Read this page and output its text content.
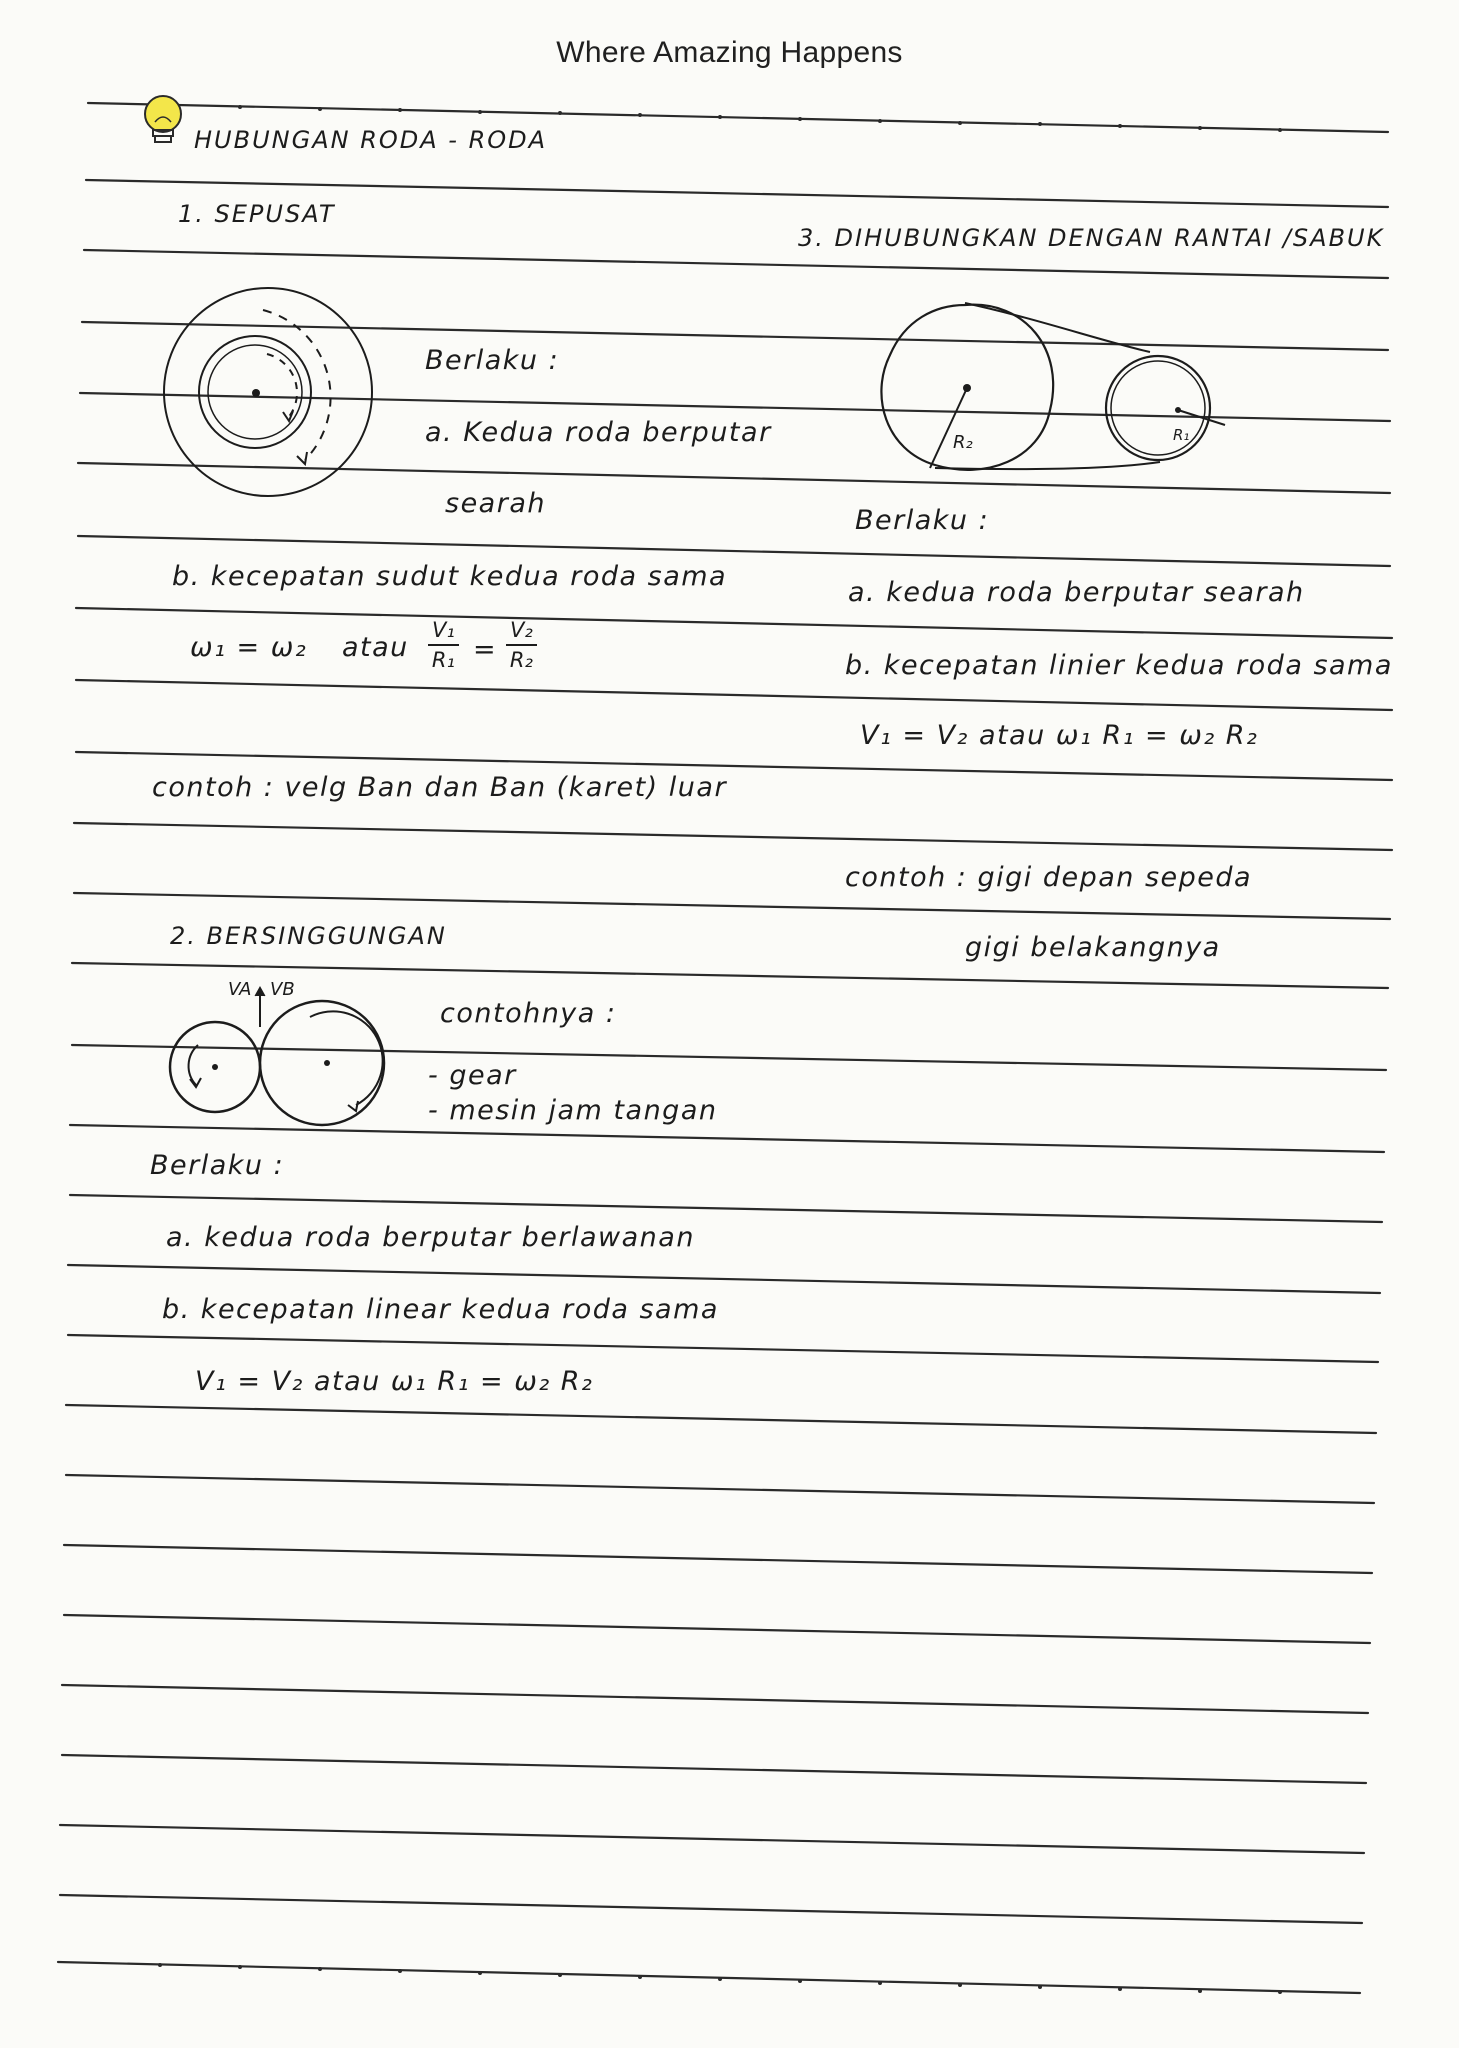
Where Amazing Happens
HUBUNGAN RODA - RODA
1. SEPUSAT
Berlaku :
a. Kedua roda berputar
searah
b. kecepatan sudut kedua roda sama
ω₁ = ω₂ atau $\frac{\text{V₁}}{\text{R₁}} = \frac{\text{V₂}}{\text{R₂}}$
contoh : velg Ban dan Ban (karet) luar
2. BERSINGGUNGAN
VA VB
contohnya :
- gear
- mesin jam tangan
Berlaku :
a. kedua roda berputar berlawanan
b. kecepatan linear kedua roda sama
V₁ = V₂ atau ω₁ R₁ = ω₂ R₂
3. DIHUBUNGKAN DENGAN RANTAI /SABUK
R₂	R₁
Berlaku :
a. kedua roda berputar searah
b. kecepatan linier kedua roda sama
V₁ = V₂ atau ω₁ R₁ = ω₂ R₂
contoh : gigi depan sepeda
gigi belakangnya
